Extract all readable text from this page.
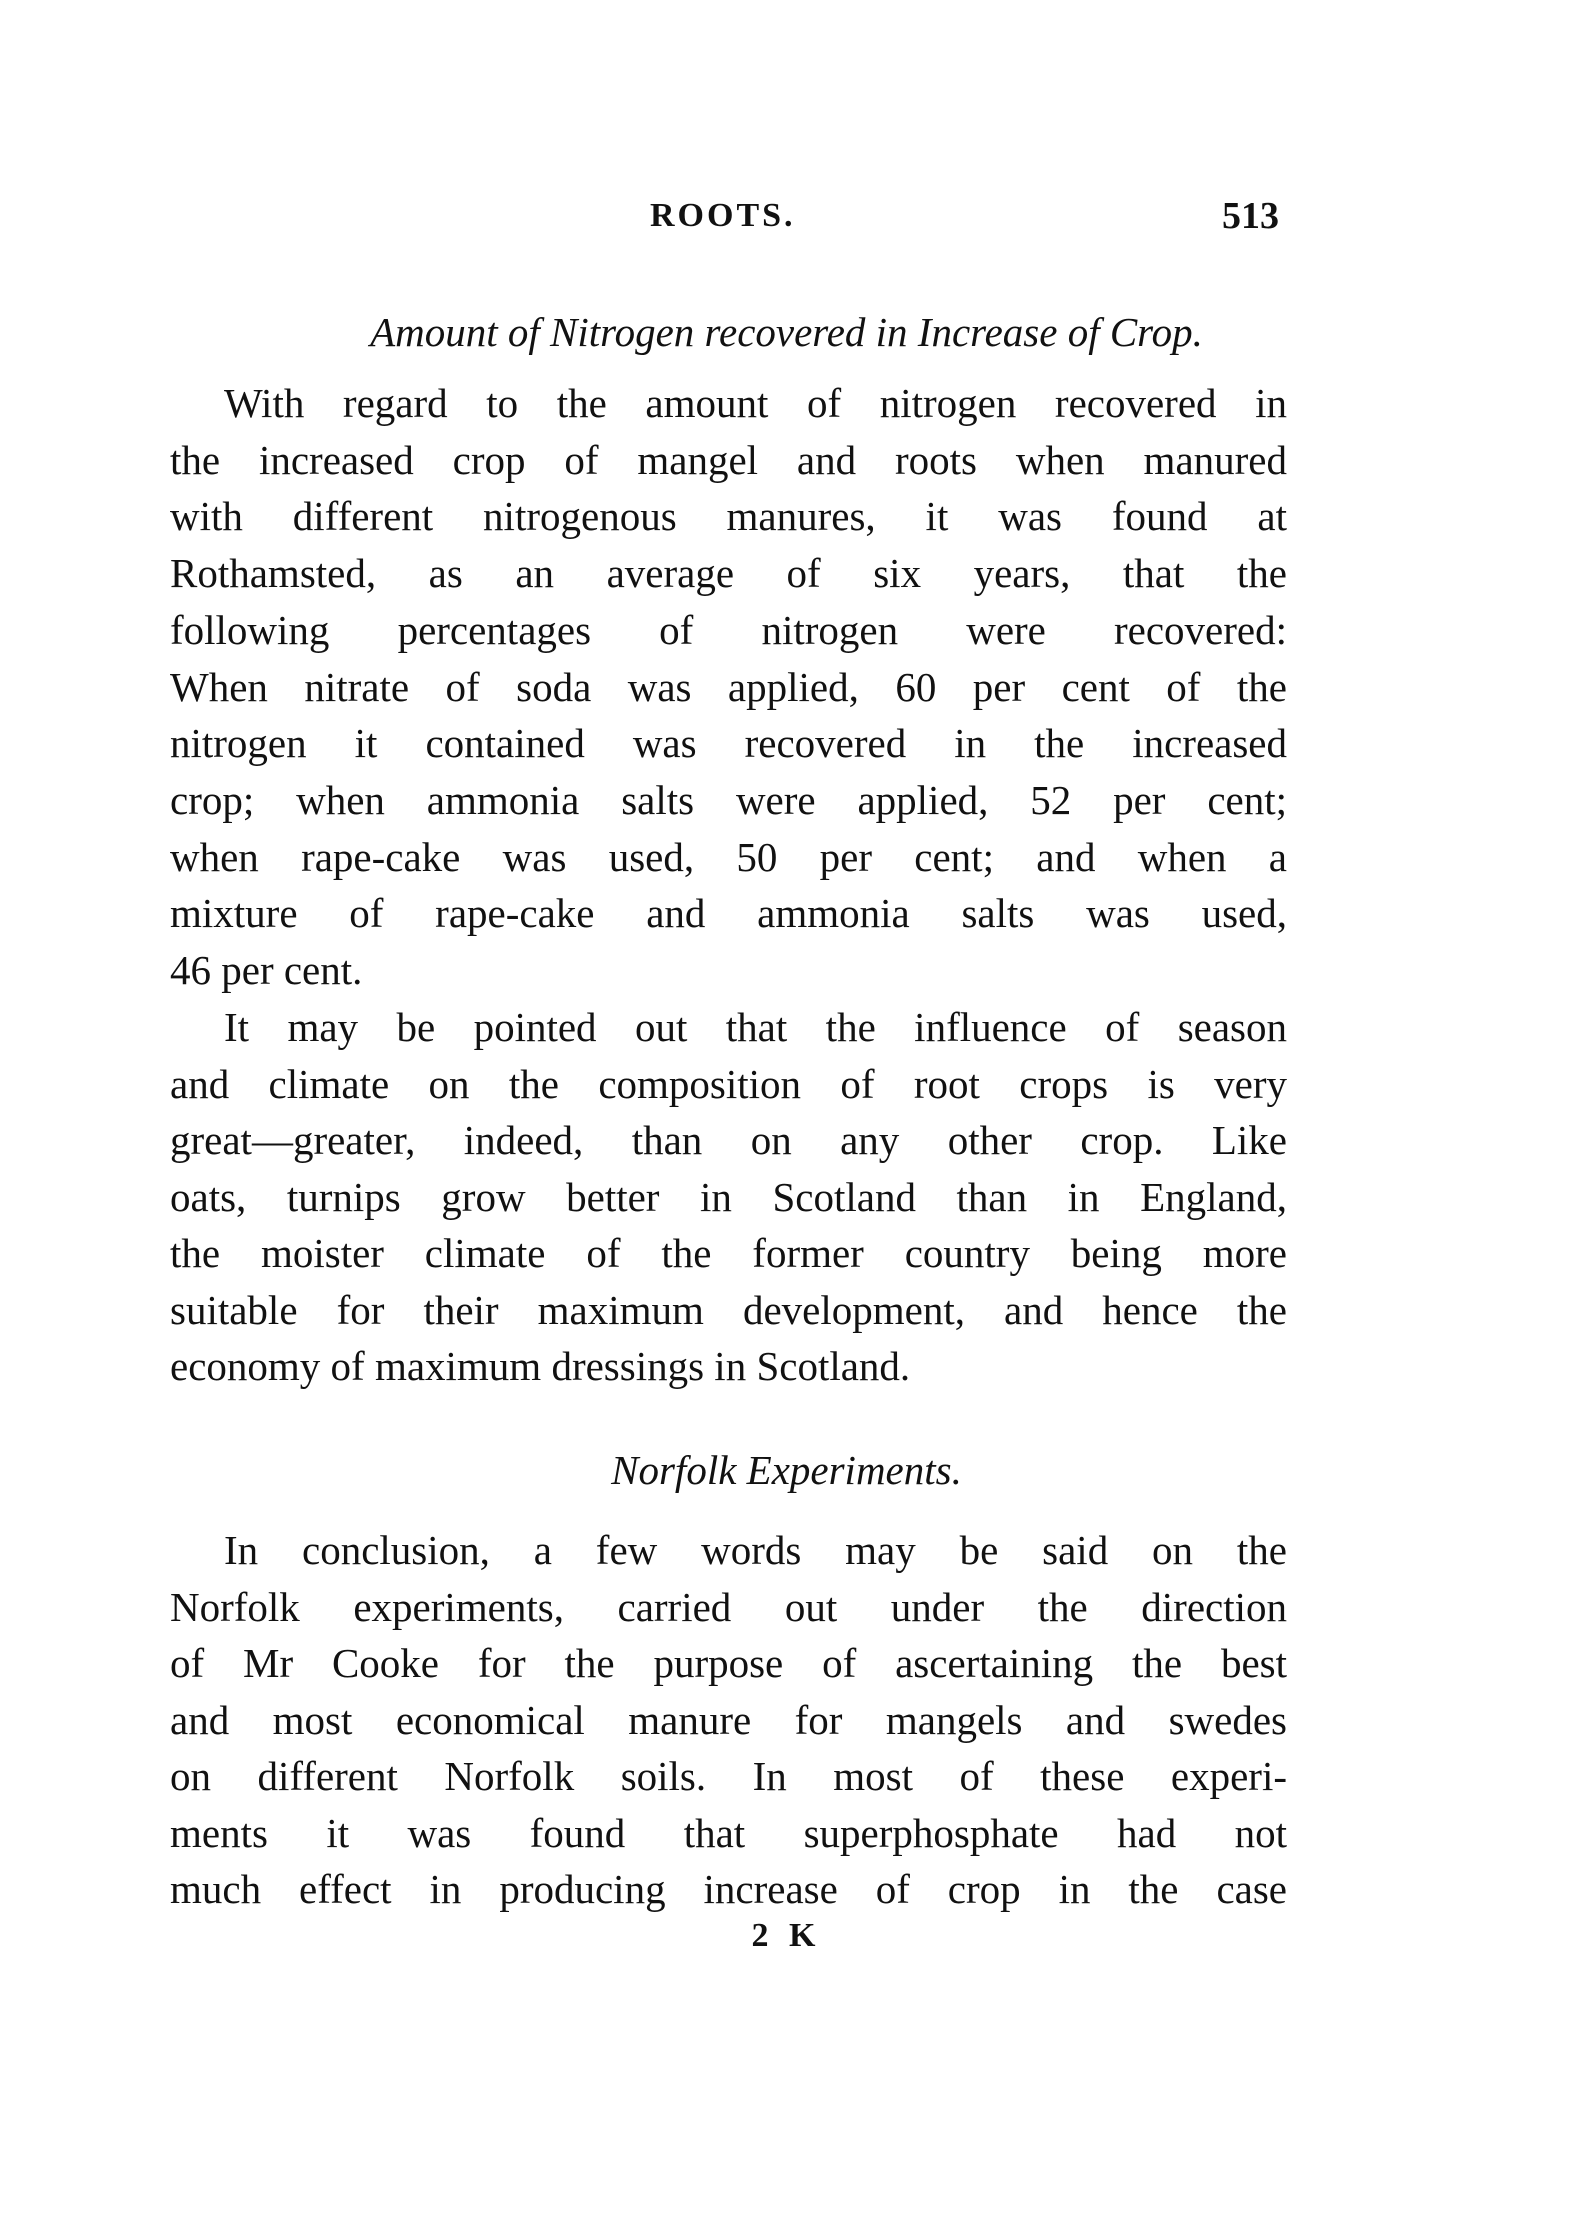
ROOTS.	513
Amount of Nitrogen recovered in Increase of Crop.
With regard to the amount of nitrogen recovered in
the increased crop of mangel and roots when manured
with different nitrogenous manures, it was found at
Rothamsted, as an average of six years, that the
following percentages of nitrogen were recovered:
When nitrate of soda was applied, 60 per cent of the
nitrogen it contained was recovered in the increased
crop; when ammonia salts were applied, 52 per cent;
when rape-cake was used, 50 per cent; and when a
mixture of rape-cake and ammonia salts was used,
46 per cent.
It may be pointed out that the influence of season
and climate on the composition of root crops is very
great—greater, indeed, than on any other crop. Like
oats, turnips grow better in Scotland than in England,
the moister climate of the former country being more
suitable for their maximum development, and hence the
economy of maximum dressings in Scotland.
Norfolk Experiments.
In conclusion, a few words may be said on the
Norfolk experiments, carried out under the direction
of Mr Cooke for the purpose of ascertaining the best
and most economical manure for mangels and swedes
on different Norfolk soils. In most of these experi-
ments it was found that superphosphate had not
much effect in producing increase of crop in the case
2 K
